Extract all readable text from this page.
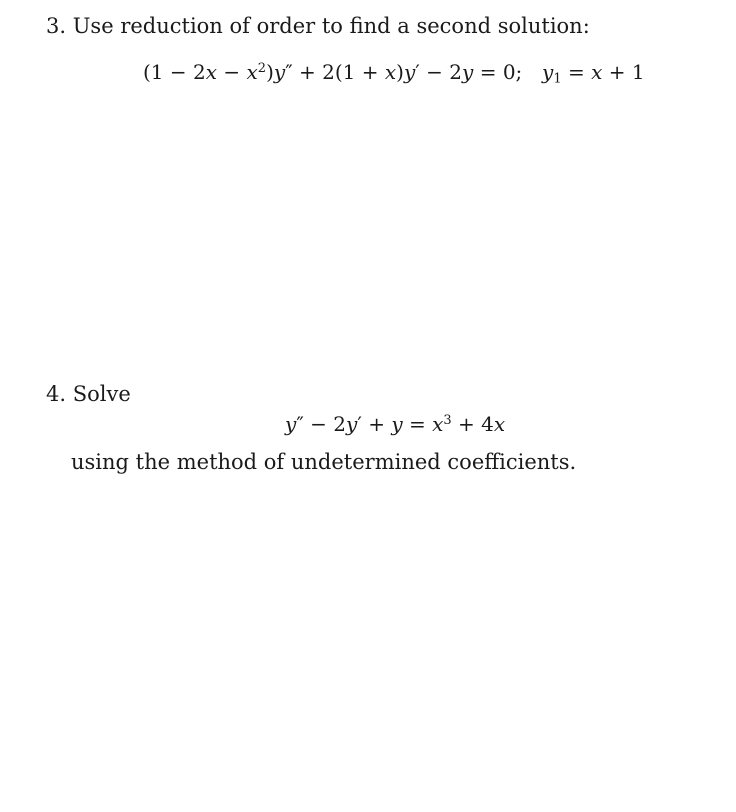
3. Use reduction of order to find a second solution:
$(1 - 2x - x^2)y'' + 2(1 + x)y' - 2y = 0$; $y_1 = x + 1$
4. Solve
$y'' - 2y' + y = x^3 + 4x$
using the method of undetermined coefficients.
